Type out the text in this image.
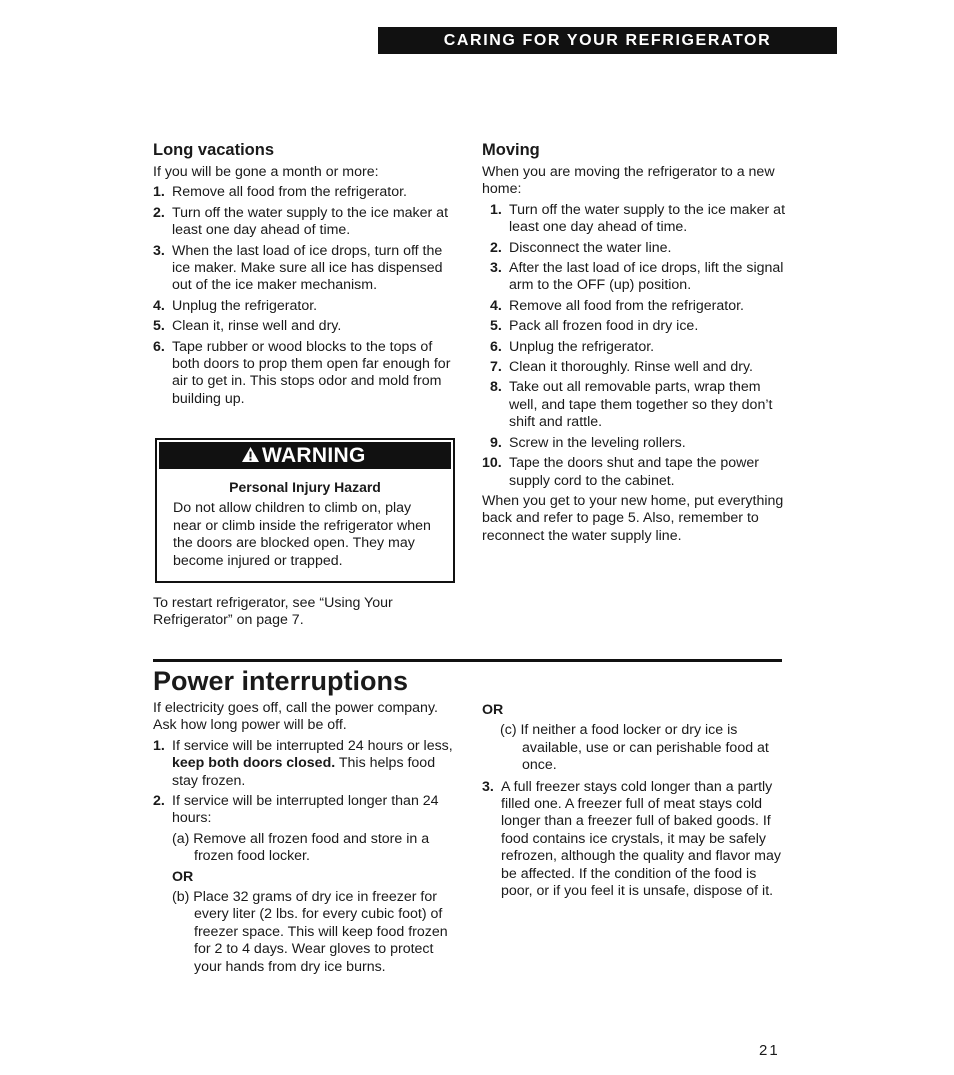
CARING FOR YOUR REFRIGERATOR
Long vacations

If you will be gone a month or more:

1. Remove all food from the refrigerator.
2. Turn off the water supply to the ice maker at least one day ahead of time.
3. When the last load of ice drops, turn off the ice maker. Make sure all ice has dispensed out of the ice maker mechanism.
4. Unplug the refrigerator.
5. Clean it, rinse well and dry.
6. Tape rubber or wood blocks to the tops of both doors to prop them open far enough for air to get in. This stops odor and mold from building up.
WARNING
Personal Injury Hazard
Do not allow children to climb on, play near or climb inside the refrigerator when the doors are blocked open. They may become injured or trapped.
To restart refrigerator, see “Using Your Refrigerator” on page 7.
Moving

When you are moving the refrigerator to a new home:

1. Turn off the water supply to the ice maker at least one day ahead of time.
2. Disconnect the water line.
3. After the last load of ice drops, lift the signal arm to the OFF (up) position.
4. Remove all food from the refrigerator.
5. Pack all frozen food in dry ice.
6. Unplug the refrigerator.
7. Clean it thoroughly. Rinse well and dry.
8. Take out all removable parts, wrap them well, and tape them together so they don’t shift and rattle.
9. Screw in the leveling rollers.
10. Tape the doors shut and tape the power supply cord to the cabinet.

When you get to your new home, put everything back and refer to page 5. Also, remember to reconnect the water supply line.

Power interruptions

If electricity goes off, call the power company. Ask how long power will be off.

1. If service will be interrupted 24 hours or less, keep both doors closed. This helps food stay frozen.
2. If service will be interrupted longer than 24 hours:

(a) Remove all frozen food and store in a frozen food locker.

OR

(b) Place 32 grams of dry ice in freezer for every liter (2 lbs. for every cubic foot) of freezer space. This will keep food frozen for 2 to 4 days. Wear gloves to protect your hands from dry ice burns.

OR

(c) If neither a food locker or dry ice is available, use or can perishable food at once.

3. A full freezer stays cold longer than a partly filled one. A freezer full of meat stays cold longer than a freezer full of baked goods. If food contains ice crystals, it may be safely refrozen, although the quality and flavor may be affected. If the condition of the food is poor, or if you feel it is unsafe, dispose of it.
21
